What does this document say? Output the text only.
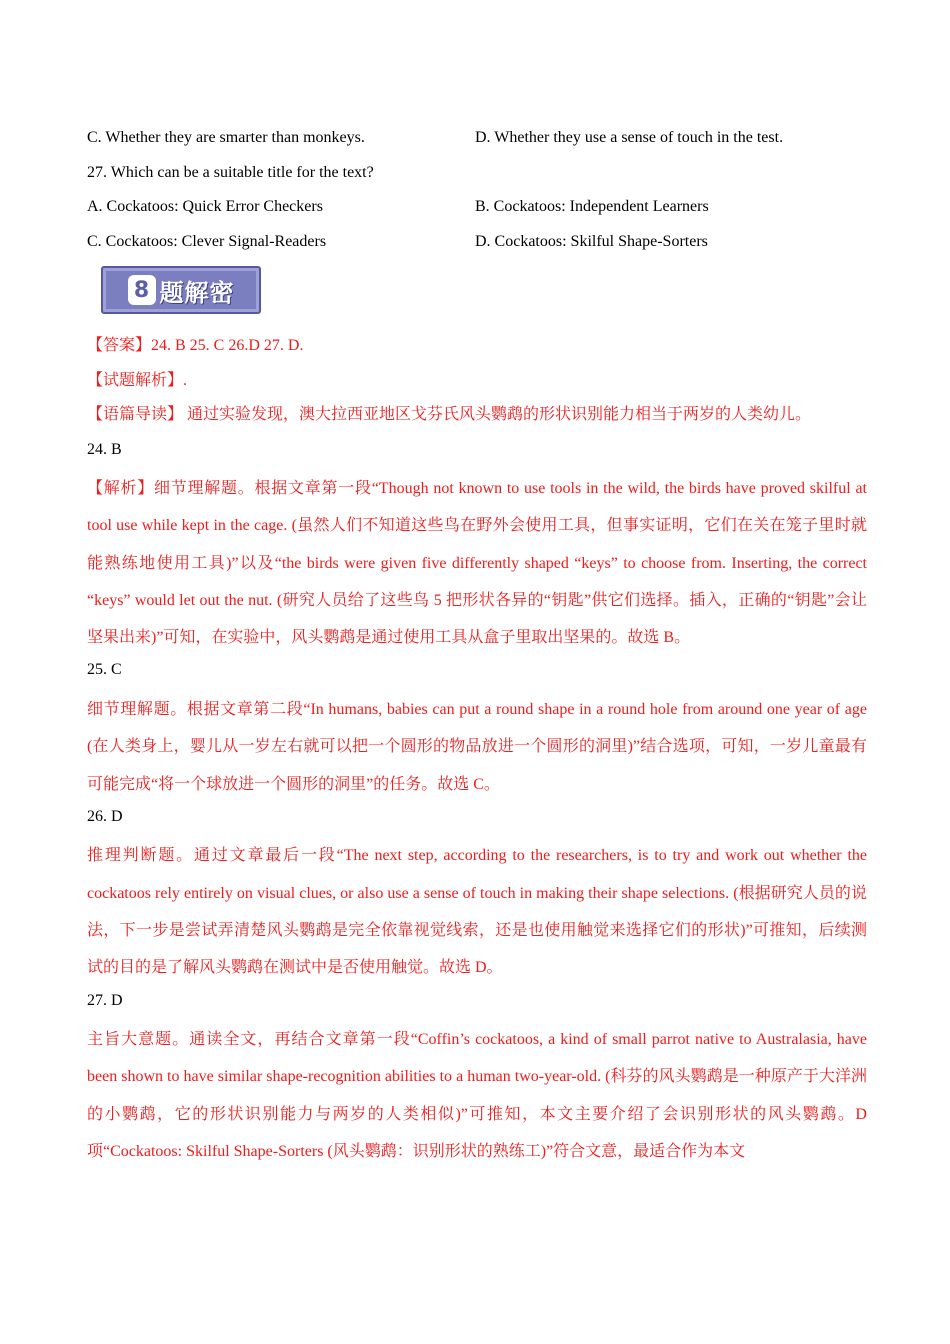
C. Whether they are smarter than monkeys.	D. Whether they use a sense of touch in the test.
27. Which can be a suitable title for the text?
A. Cockatoos: Quick Error Checkers	B. Cockatoos: Independent Learners
C. Cockatoos: Clever Signal-Readers	D. Cockatoos: Skilful Shape-Sorters
8 题解密
【答案】24. B 25. C 26.D 27. D.
【试题解析】.
【语篇导读】 通过实验发现，澳大拉西亚地区戈芬氏风头鹦鹉的形状识别能力相当于两岁的人类幼儿。
24. B
【解析】细节理解题。根据文章第一段“Though not known to use tools in the wild, the birds have proved skilful at tool use while kept in the cage. (虽然人们不知道这些鸟在野外会使用工具，但事实证明，它们在关在笼子里时就能熟练地使用工具)”以及“the birds were given five differently shaped “keys” to choose from. Inserting, the correct “keys” would let out the nut. (研究人员给了这些鸟 5 把形状各异的“钥匙”供它们选择。插入，正确的“钥匙”会让坚果出来)”可知，在实验中，风头鹦鹉是通过使用工具从盒子里取出坚果的。故选 B。
25. C
细节理解题。根据文章第二段“In humans, babies can put a round shape in a round hole from around one year of age (在人类身上，婴儿从一岁左右就可以把一个圆形的物品放进一个圆形的洞里)”结合选项，可知，一岁儿童最有可能完成“将一个球放进一个圆形的洞里”的任务。故选 C。
26. D
推理判断题。通过文章最后一段“The next step, according to the researchers, is to try and work out whether the cockatoos rely entirely on visual clues, or also use a sense of touch in making their shape selections. (根据研究人员的说法，下一步是尝试弄清楚风头鹦鹉是完全依靠视觉线索，还是也使用触觉来选择它们的形状)”可推知，后续测试的目的是了解风头鹦鹉在测试中是否使用触觉。故选 D。
27. D
主旨大意题。通读全文，再结合文章第一段“Coffin’s cockatoos, a kind of small parrot native to Australasia, have been shown to have similar shape-recognition abilities to a human two-year-old. (科芬的风头鹦鹉是一种原产于大洋洲的小鹦鹉，它的形状识别能力与两岁的人类相似)”可推知，本文主要介绍了会识别形状的风头鹦鹉。D 项“Cockatoos: Skilful Shape-Sorters (风头鹦鹉：识别形状的熟练工)”符合文意，最适合作为本文
